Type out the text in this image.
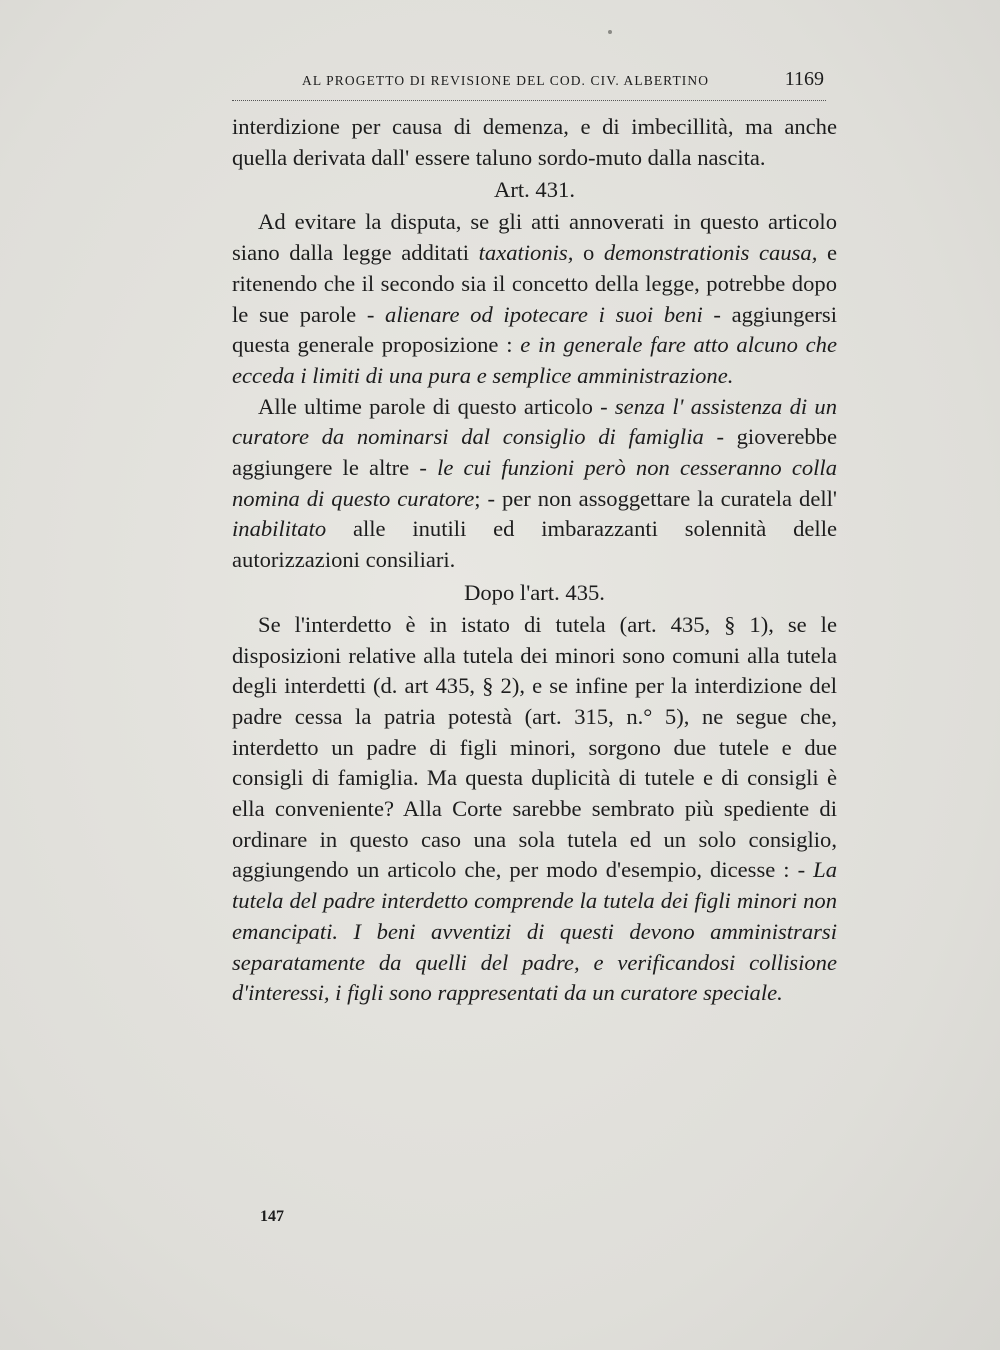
AL PROGETTO DI REVISIONE DEL COD. CIV. ALBERTINO	1169

interdizione per causa di demenza, e di imbecillità, ma anche quella derivata dall' essere taluno sordo-muto dalla nascita.

Art. 431.

Ad evitare la disputa, se gli atti annoverati in questo articolo siano dalla legge additati taxationis, o demonstrationis causa, e ritenendo che il secondo sia il concetto della legge, potrebbe dopo le sue parole - alienare od ipotecare i suoi beni - aggiungersi questa generale proposizione : e in generale fare atto alcuno che ecceda i limiti di una pura e semplice amministrazione.

Alle ultime parole di questo articolo - senza l' assistenza di un curatore da nominarsi dal consiglio di famiglia - gioverebbe aggiungere le altre - le cui funzioni però non cesseranno colla nomina di questo curatore; - per non assoggettare la curatela dell' inabilitato alle inutili ed imbarazzanti solennità delle autorizzazioni consiliari.

Dopo l'art. 435.

Se l'interdetto è in istato di tutela (art. 435, § 1), se le disposizioni relative alla tutela dei minori sono comuni alla tutela degli interdetti (d. art 435, § 2), e se infine per la interdizione del padre cessa la patria potestà (art. 315, n.° 5), ne segue che, interdetto un padre di figli minori, sorgono due tutele e due consigli di famiglia. Ma questa duplicità di tutele e di consigli è ella conveniente? Alla Corte sarebbe sembrato più spediente di ordinare in questo caso una sola tutela ed un solo consiglio, aggiungendo un articolo che, per modo d'esempio, dicesse : - La tutela del padre interdetto comprende la tutela dei figli minori non emancipati. I beni avventizi di questi devono amministrarsi separatamente da quelli del padre, e verificandosi collisione d'interessi, i figli sono rappresentati da un curatore speciale.

147
